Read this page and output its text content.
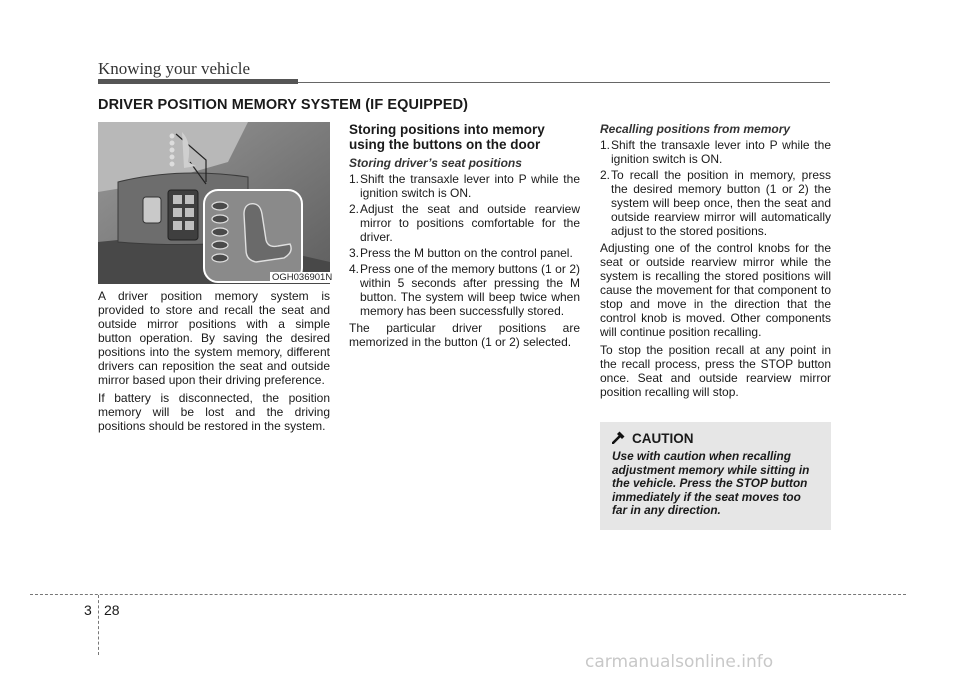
Knowing your vehicle
DRIVER POSITION MEMORY SYSTEM (IF EQUIPPED)
OGH036901N

A driver position memory system is provided to store and recall the seat and outside mirror positions with a simple button operation. By saving the desired positions into the system memory, different drivers can reposition the seat and outside mirror based upon their driving preference.

If battery is disconnected, the position memory will be lost and the driving positions should be restored in the system.

Storing positions into memory using the buttons on the door
Storing driver’s seat positions
1. Shift the transaxle lever into P while the ignition switch is ON.
2. Adjust the seat and outside rearview mirror to positions comfortable for the driver.
3. Press the M button on the control panel.
4. Press one of the memory buttons (1 or 2) within 5 seconds after pressing the M button. The system will beep twice when memory has been successfully stored.

The particular driver positions are memorized in the button (1 or 2) selected.

Recalling positions from memory
1. Shift the transaxle lever into P while the ignition switch is ON.
2. To recall the position in memory, press the desired memory button (1 or 2) the system will beep once, then the seat and outside rearview mirror will automatically adjust to the stored positions.

Adjusting one of the control knobs for the seat or outside rearview mirror while the system is recalling the stored positions will cause the movement for that component to stop and move in the direction that the control knob is moved. Other components will continue position recalling.

To stop the position recall at any point in the recall process, press the STOP button once. Seat and outside rearview mirror position recalling will stop.

CAUTION
Use with caution when recalling adjustment memory while sitting in the vehicle. Press the STOP button immediately if the seat moves too far in any direction.
3 28
carmanualsonline.info
